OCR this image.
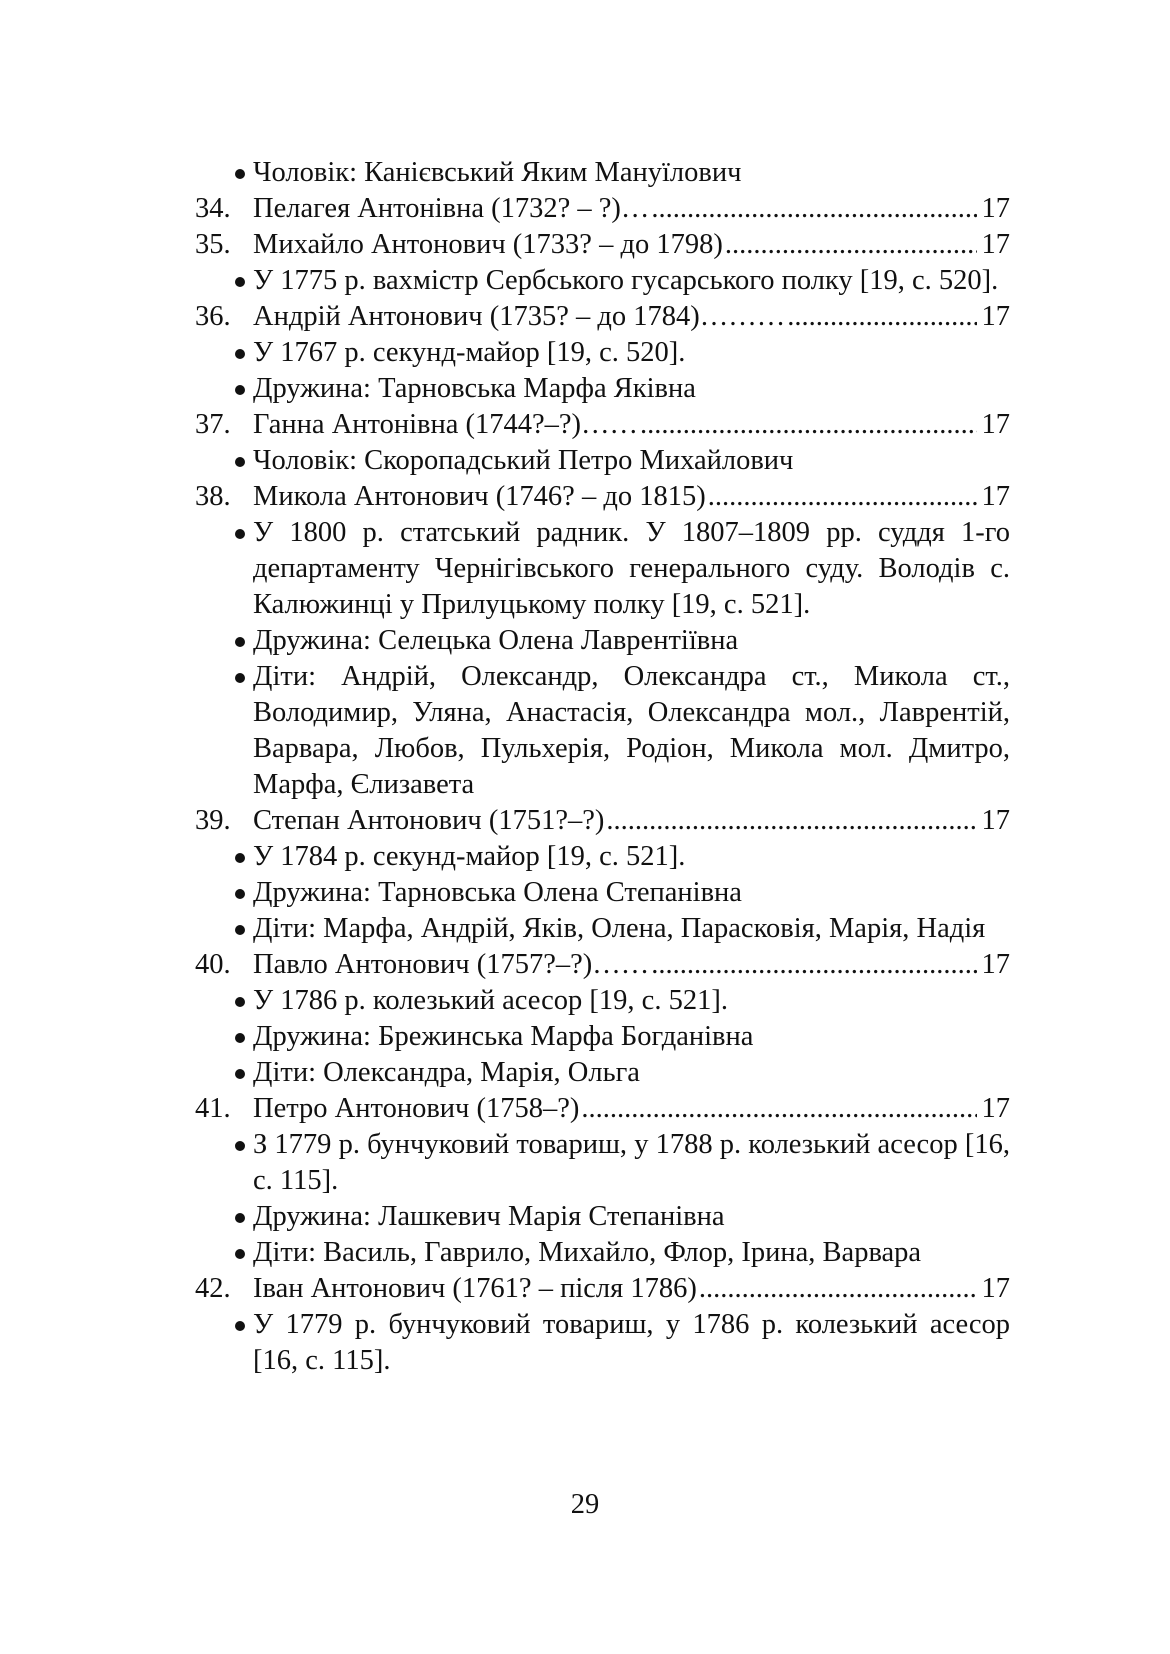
Чоловік: Канієвський Яким Мануїлович
34. Пелагея Антонівна (1732? – ?)… .....	17
35. Михайло Антонович (1733? – до 1798) .....	17
У 1775 р. вахмістр Сербського гусарського полку [19, с. 520].
36. Андрій Антонович (1735? – до 1784)……… .....	17
У 1767 р. секунд-майор [19, с. 520].
Дружина: Тарновська Марфа Яківна
37. Ганна Антонівна (1744?–?)…… .....	17
Чоловік: Скоропадський Петро Михайлович
38. Микола Антонович (1746? – до 1815) .....	17
У 1800 р. статський радник. У 1807–1809 рр. суддя 1-го департаменту Чернігівського генерального суду. Володів с. Калюжинці у Прилуцькому полку [19, с. 521].
Дружина: Селецька Олена Лаврентіївна
Діти: Андрій, Олександр, Олександра ст., Микола ст., Володимир, Уляна, Анастасія, Олександра мол., Лаврентій, Варвара, Любов, Пульхерія, Родіон, Микола мол. Дмитро, Марфа, Єлизавета
39. Степан Антонович (1751?–?) .....	17
У 1784 р. секунд-майор [19, с. 521].
Дружина: Тарновська Олена Степанівна
Діти: Марфа, Андрій, Яків, Олена, Парасковія, Марія, Надія
40. Павло Антонович (1757?–?)…… .....	17
У 1786 р. колезький асесор [19, с. 521].
Дружина: Брежинська Марфа Богданівна
Діти: Олександра, Марія, Ольга
41. Петро Антонович (1758–?) .....	17
З 1779 р. бунчуковий товариш, у 1788 р. колезький асесор [16, с. 115].
Дружина: Лашкевич Марія Степанівна
Діти: Василь, Гаврило, Михайло, Флор, Ірина, Варвара
42. Іван Антонович (1761? – після 1786) .....	17
У 1779 р. бунчуковий товариш, у 1786 р. колезький асесор [16, с. 115].
29
